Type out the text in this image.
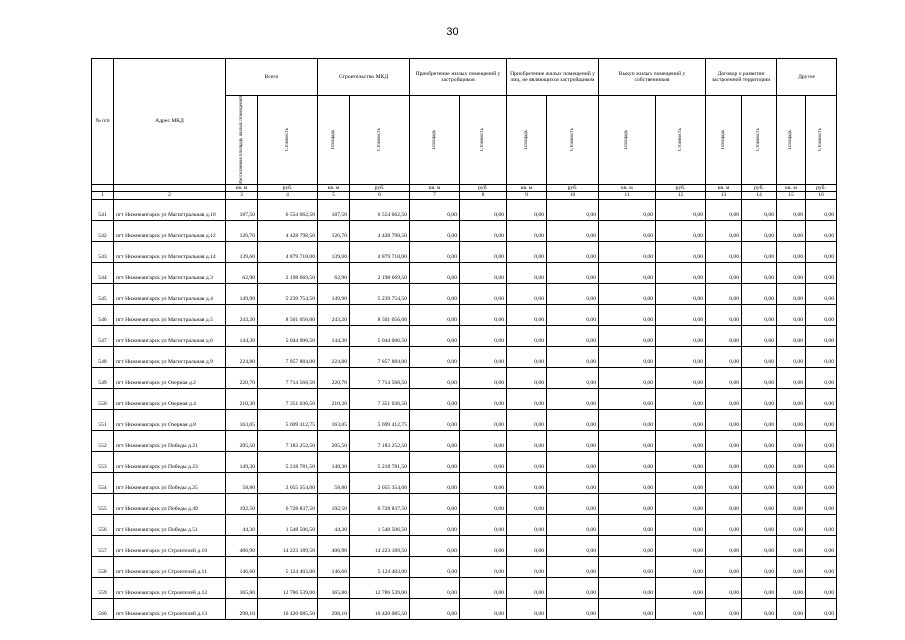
30
№ п/п	Адрес МКД	Всего		Строительство МКД		Приобретение жилых помещений у застройщиков		Приобретение жилых помещений у лиц, не являющихся застройщиком		Выкуп жилых помещений у собственников		Договор о развитии застроенной территории		Другое	

		Расселяемая площадь жилых помещений	Стоимость	Площадь	Стоимость	Площадь	Стоимость	Площадь	Стоимость	Площадь	Стоимость	Площадь	Стоимость	Площадь	Стоимость

		кв. м	руб.	кв. м	руб.	кв. м	руб.	кв. м	руб.	кв. м	руб.	кв. м	руб.	кв. м	руб.
1	2	3	4	5	6	7	8	9	10	11	12	13	14	15	16
541	пгт Нижнеангарск ул Магистральная д.10	187,50	6 554 062,50	187,50	6 554 062,50	0,00	0,00	0,00	0,00	0,00	0,00	0,00	0,00	0,00	0,00
542	пгт Нижнеангарск ул Магистральная д.12	126,70	4 428 798,50	126,70	4 428 798,50	0,00	0,00	0,00	0,00	0,00	0,00	0,00	0,00	0,00	0,00
543	пгт Нижнеангарск ул Магистральная д.14	139,60	4 879 718,00	139,60	4 879 718,00	0,00	0,00	0,00	0,00	0,00	0,00	0,00	0,00	0,00	0,00
544	пгт Нижнеангарск ул Магистральная д.3	62,90	2 198 669,50	62,90	2 198 669,50	0,00	0,00	0,00	0,00	0,00	0,00	0,00	0,00	0,00	0,00
545	пгт Нижнеангарск ул Магистральная д.4	149,90	5 239 754,50	149,90	5 239 754,50	0,00	0,00	0,00	0,00	0,00	0,00	0,00	0,00	0,00	0,00
546	пгт Нижнеангарск ул Магистральная д.5	243,20	8 501 056,00	243,20	8 501 056,00	0,00	0,00	0,00	0,00	0,00	0,00	0,00	0,00	0,00	0,00
547	пгт Нижнеангарск ул Магистральная д.6	144,30	5 044 006,50	144,30	5 044 006,50	0,00	0,00	0,00	0,00	0,00	0,00	0,00	0,00	0,00	0,00
548	пгт Нижнеангарск ул Магистральная д.9	224,80	7 857 884,00	224,80	7 857 884,00	0,00	0,00	0,00	0,00	0,00	0,00	0,00	0,00	0,00	0,00
549	пгт Нижнеангарск ул Озерная д.2	220,70	7 714 568,50	220,70	7 714 568,50	0,00	0,00	0,00	0,00	0,00	0,00	0,00	0,00	0,00	0,00
550	пгт Нижнеангарск ул Озерная д.4	210,30	7 351 036,50	210,30	7 351 036,50	0,00	0,00	0,00	0,00	0,00	0,00	0,00	0,00	0,00	0,00
551	пгт Нижнеангарск ул Озерная д.8	163,05	5 699 412,75	163,05	5 699 412,75	0,00	0,00	0,00	0,00	0,00	0,00	0,00	0,00	0,00	0,00
552	пгт Нижнеангарск ул Победы д.21	205,50	7 183 252,50	205,50	7 183 252,50	0,00	0,00	0,00	0,00	0,00	0,00	0,00	0,00	0,00	0,00
553	пгт Нижнеангарск ул Победы д.23	149,30	5 218 781,50	149,30	5 218 781,50	0,00	0,00	0,00	0,00	0,00	0,00	0,00	0,00	0,00	0,00
554	пгт Нижнеангарск ул Победы д.25	58,80	2 055 354,00	58,80	2 055 354,00	0,00	0,00	0,00	0,00	0,00	0,00	0,00	0,00	0,00	0,00
555	пгт Нижнеангарск ул Победы д.49	192,50	6 728 837,50	192,50	6 728 837,50	0,00	0,00	0,00	0,00	0,00	0,00	0,00	0,00	0,00	0,00
556	пгт Нижнеангарск ул Победы д.51	44,30	1 548 506,50	44,30	1 548 506,50	0,00	0,00	0,00	0,00	0,00	0,00	0,00	0,00	0,00	0,00
557	пгт Нижнеангарск ул Строителей д.10	406,90	14 223 189,50	406,90	14 223 189,50	0,00	0,00	0,00	0,00	0,00	0,00	0,00	0,00	0,00	0,00
558	пгт Нижнеангарск ул Строителей д.11	146,60	5 124 403,00	146,60	5 124 403,00	0,00	0,00	0,00	0,00	0,00	0,00	0,00	0,00	0,00	0,00
559	пгт Нижнеангарск ул Строителей д.12	365,80	12 786 539,00	365,80	12 786 539,00	0,00	0,00	0,00	0,00	0,00	0,00	0,00	0,00	0,00	0,00
560	пгт Нижнеангарск ул Строителей д.13	298,10	10 420 085,50	298,10	10 420 085,50	0,00	0,00	0,00	0,00	0,00	0,00	0,00	0,00	0,00	0,00
